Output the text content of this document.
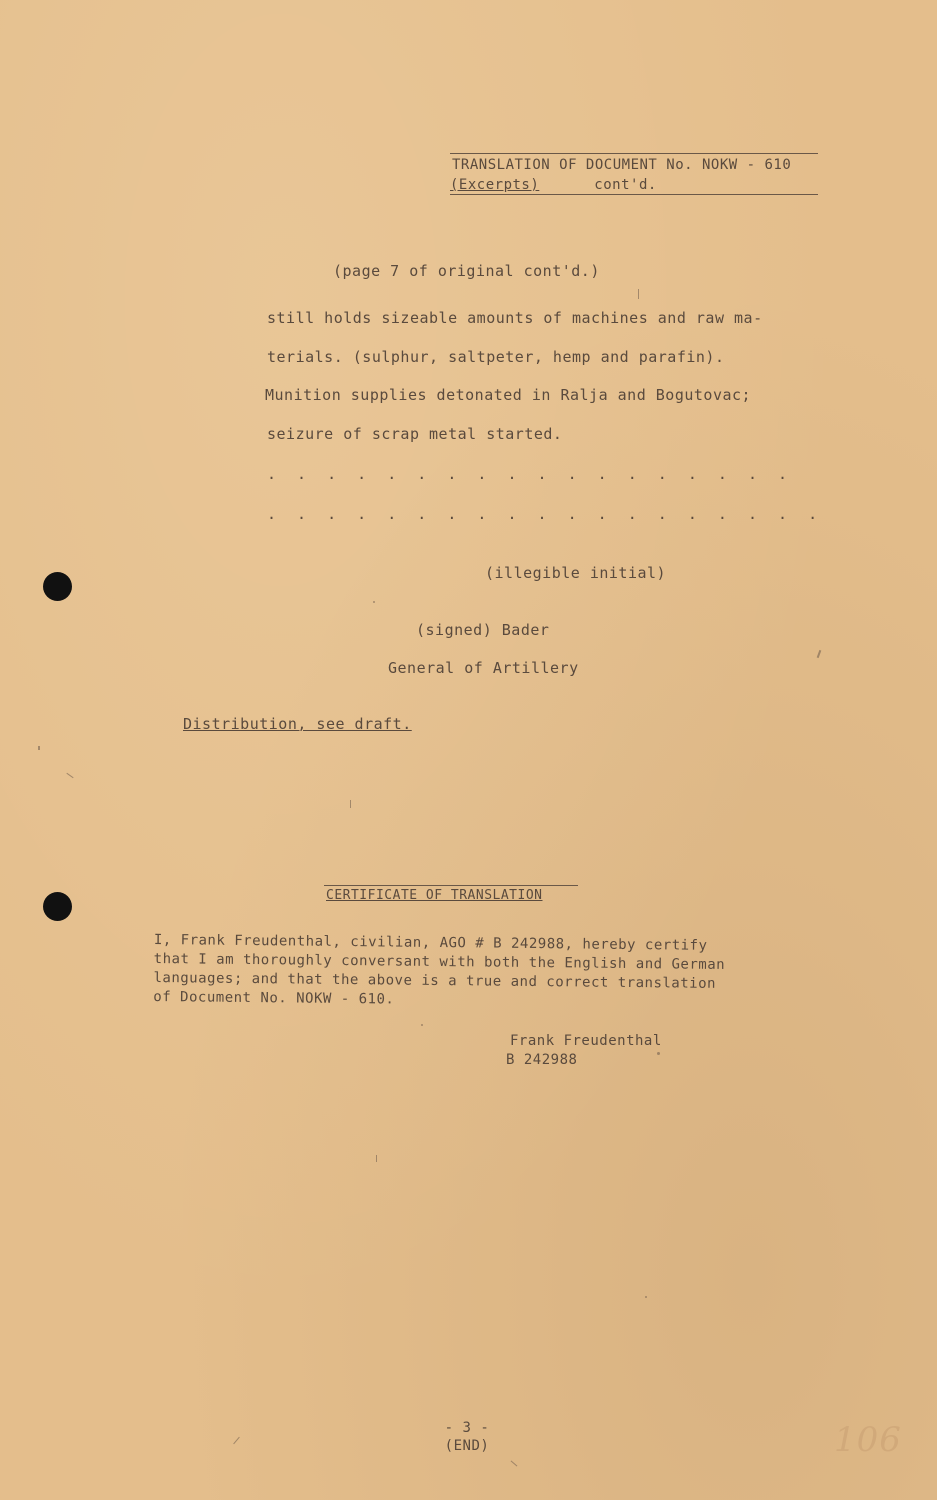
TRANSLATION OF DOCUMENT No. NOKW - 610
(Excerpts)	cont'd.
(page 7 of original cont'd.)
still holds sizeable amounts of machines and raw ma-
terials. (sulphur, saltpeter, hemp and parafin).
Munition supplies detonated in Ralja and Bogutovac;
seizure of scrap metal started.
. . . . . . . . . . . . . . . . . .
. . . . . . . . . . . . . . . . . . .
(illegible initial)
(signed) Bader
General of Artillery
Distribution, see draft.
CERTIFICATE OF TRANSLATION
I, Frank Freudenthal, civilian, AGO # B 242988, hereby certify
that I am thoroughly conversant with both the English and German
languages; and that the above is a true and correct translation
of Document No. NOKW - 610.
Frank Freudenthal
B 242988
- 3 -
(END)	106
